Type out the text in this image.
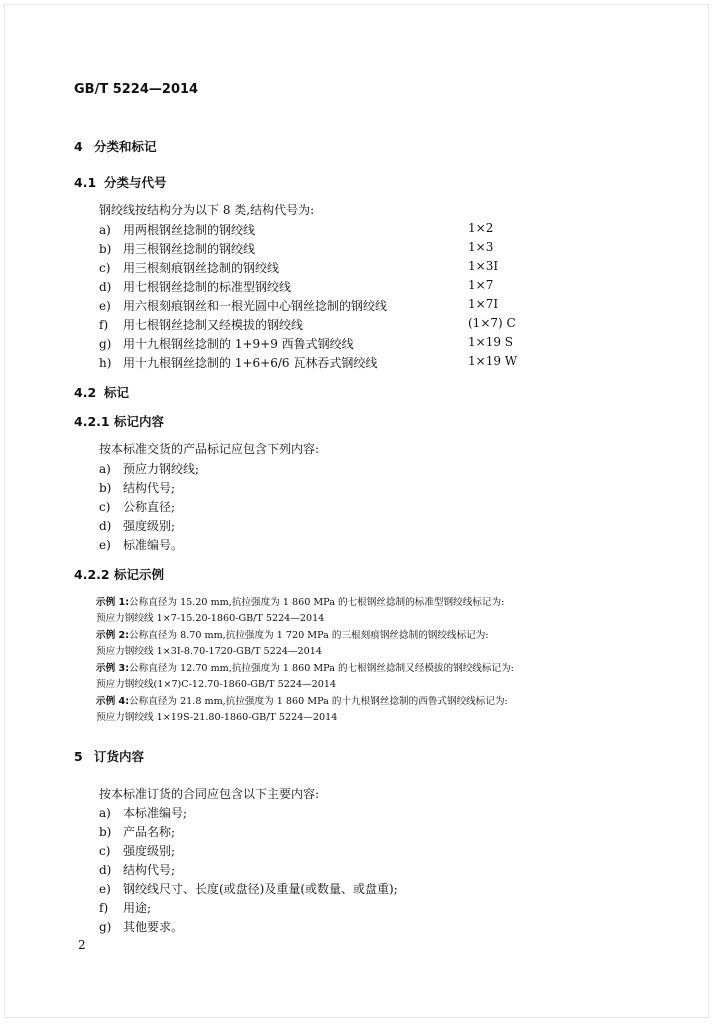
GB/T 5224—2014
4 分类和标记
4.1 分类与代号
钢绞线按结构分为以下 8 类,结构代号为:
a) 用两根钢丝捻制的钢绞线	1×2
b) 用三根钢丝捻制的钢绞线	1×3
c) 用三根刻痕钢丝捻制的钢绞线	1×3I
d) 用七根钢丝捻制的标准型钢绞线	1×7
e) 用六根刻痕钢丝和一根光圆中心钢丝捻制的钢绞线	1×7I
f) 用七根钢丝捻制又经模拔的钢绞线	(1×7) C
g) 用十九根钢丝捻制的 1+9+9 西鲁式钢绞线	1×19 S
h) 用十九根钢丝捻制的 1+6+6/6 瓦林吞式钢绞线	1×19 W
4.2 标记
4.2.1 标记内容
按本标准交货的产品标记应包含下列内容:
a) 预应力钢绞线;
b) 结构代号;
c) 公称直径;
d) 强度级别;
e) 标准编号。
4.2.2 标记示例
示例 1:公称直径为 15.20 mm,抗拉强度为 1 860 MPa 的七根钢丝捻制的标准型钢绞线标记为:
预应力钢绞线 1×7-15.20-1860-GB/T 5224—2014
示例 2:公称直径为 8.70 mm,抗拉强度为 1 720 MPa 的三根刻痕钢丝捻制的钢绞线标记为:
预应力钢绞线 1×3I-8.70-1720-GB/T 5224—2014
示例 3:公称直径为 12.70 mm,抗拉强度为 1 860 MPa 的七根钢丝捻制又经模拔的钢绞线标记为:
预应力钢绞线(1×7)C-12.70-1860-GB/T 5224—2014
示例 4:公称直径为 21.8 mm,抗拉强度为 1 860 MPa 的十九根钢丝捻制的西鲁式钢绞线标记为:
预应力钢绞线 1×19S-21.80-1860-GB/T 5224—2014
5 订货内容
按本标准订货的合同应包含以下主要内容:
a) 本标准编号;
b) 产品名称;
c) 强度级别;
d) 结构代号;
e) 钢绞线尺寸、长度(或盘径)及重量(或数量、或盘重);
f) 用途;
g) 其他要求。
2
